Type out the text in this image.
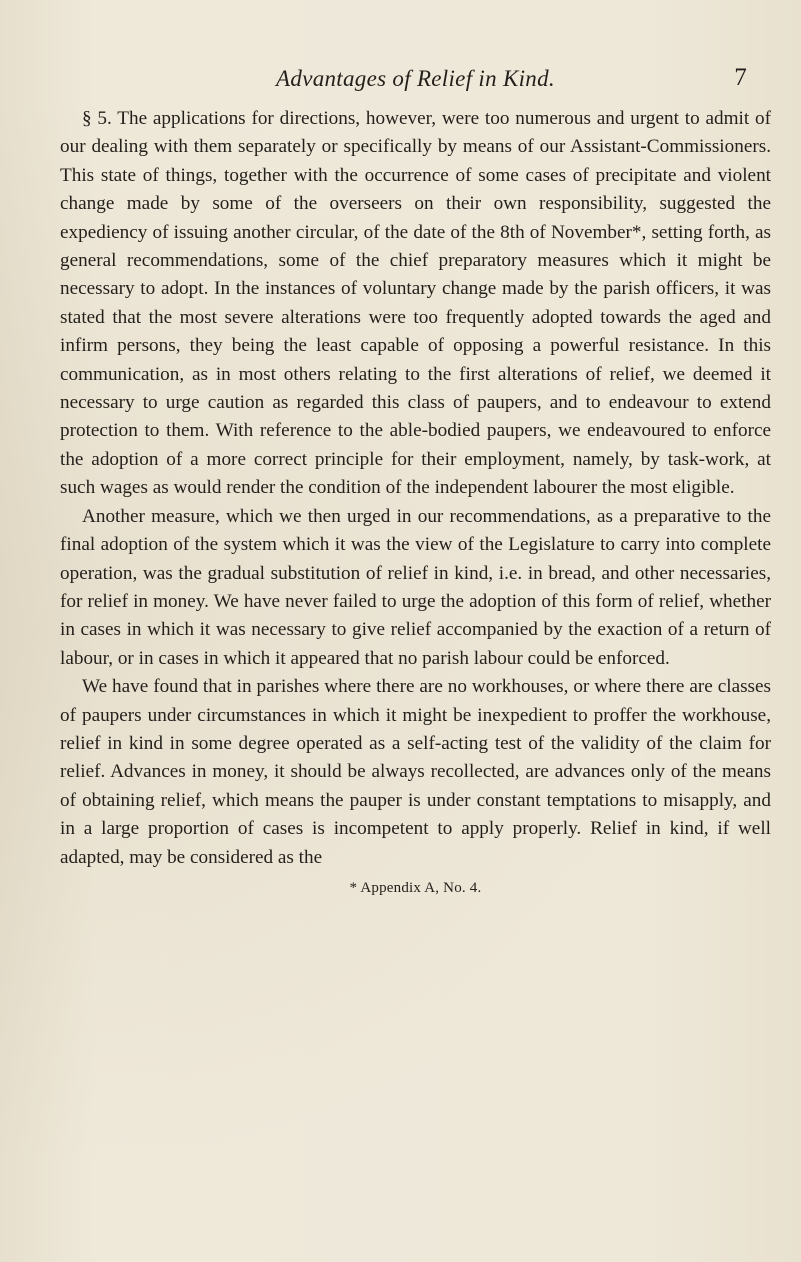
Advantages of Relief in Kind.	7

§ 5. The applications for directions, however, were too numerous and urgent to admit of our dealing with them separately or specifically by means of our Assistant-Commissioners. This state of things, together with the occurrence of some cases of precipitate and violent change made by some of the overseers on their own responsibility, suggested the expediency of issuing another circular, of the date of the 8th of November*, setting forth, as general recommendations, some of the chief preparatory measures which it might be necessary to adopt. In the instances of voluntary change made by the parish officers, it was stated that the most severe alterations were too frequently adopted towards the aged and infirm persons, they being the least capable of opposing a powerful resistance. In this communication, as in most others relating to the first alterations of relief, we deemed it necessary to urge caution as regarded this class of paupers, and to endeavour to extend protection to them. With reference to the able-bodied paupers, we endeavoured to enforce the adoption of a more correct principle for their employment, namely, by task-work, at such wages as would render the condition of the independent labourer the most eligible.

Another measure, which we then urged in our recommendations, as a preparative to the final adoption of the system which it was the view of the Legislature to carry into complete operation, was the gradual substitution of relief in kind, i.e. in bread, and other necessaries, for relief in money. We have never failed to urge the adoption of this form of relief, whether in cases in which it was necessary to give relief accompanied by the exaction of a return of labour, or in cases in which it appeared that no parish labour could be enforced.

We have found that in parishes where there are no workhouses, or where there are classes of paupers under circumstances in which it might be inexpedient to proffer the workhouse, relief in kind in some degree operated as a self-acting test of the validity of the claim for relief. Advances in money, it should be always recollected, are advances only of the means of obtaining relief, which means the pauper is under constant temptations to misapply, and in a large proportion of cases is incompetent to apply properly. Relief in kind, if well adapted, may be considered as the

* Appendix A, No. 4.
